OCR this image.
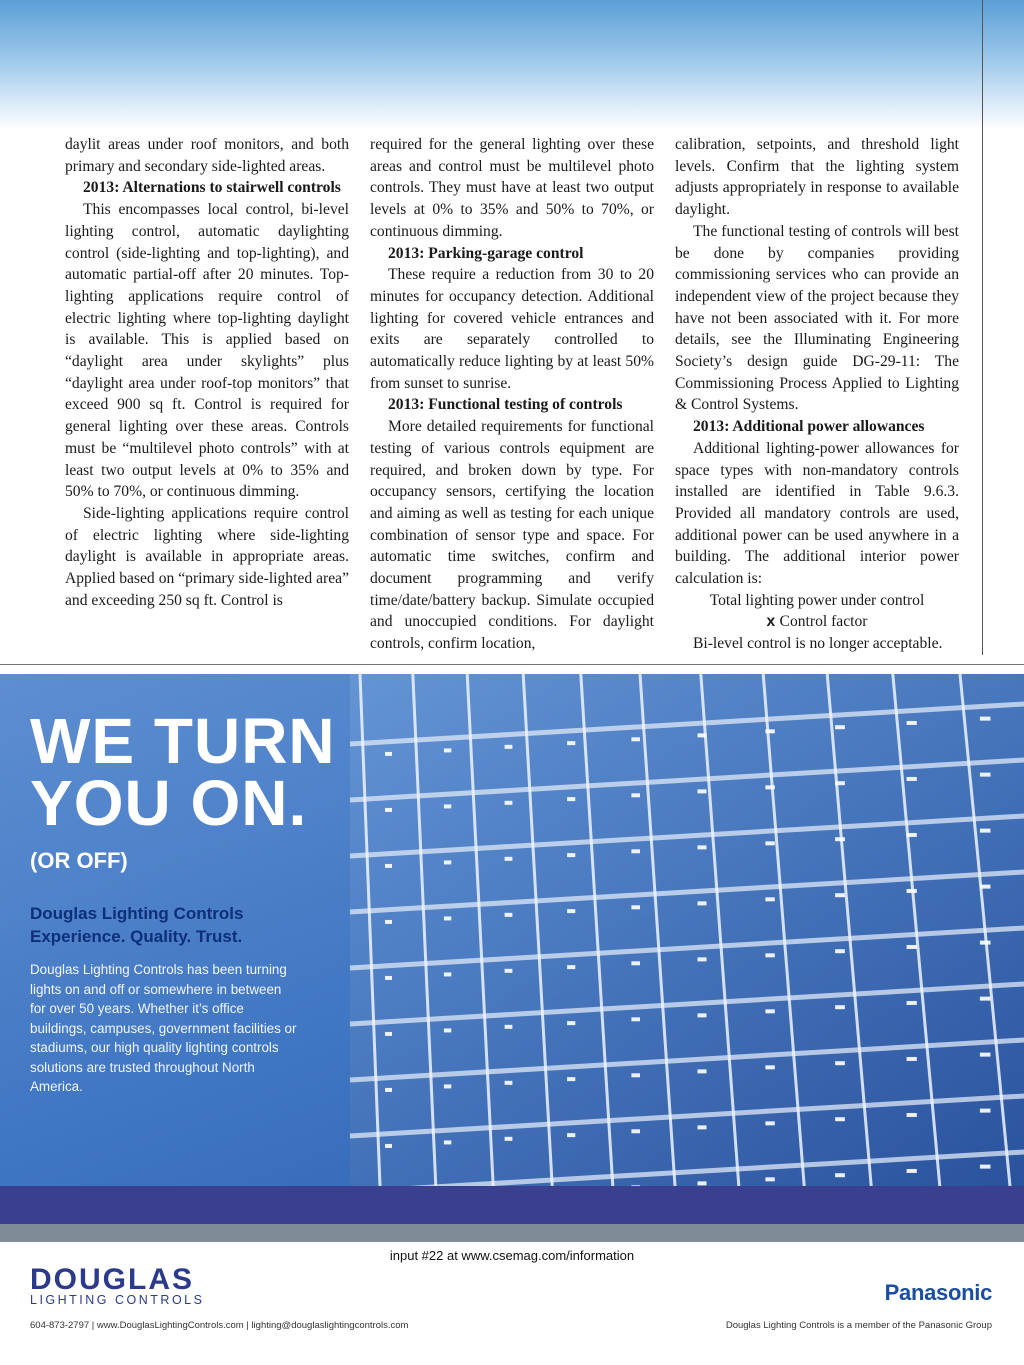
daylit areas under roof monitors, and both primary and secondary side-lighted areas.

2013: Alternations to stairwell controls

This encompasses local control, bi-level lighting control, automatic daylighting control (side-lighting and top-lighting), and automatic partial-off after 20 minutes. Top-lighting applications require control of electric lighting where top-lighting daylight is available. This is applied based on “daylight area under skylights” plus “daylight area under roof-top monitors” that exceed 900 sq ft. Control is required for general lighting over these areas. Controls must be “multilevel photo controls” with at least two output levels at 0% to 35% and 50% to 70%, or continuous dimming.

Side-lighting applications require control of electric lighting where side-lighting daylight is available in appropriate areas. Applied based on “primary side-lighted area” and exceeding 250 sq ft. Control is

required for the general lighting over these areas and control must be multilevel photo controls. They must have at least two output levels at 0% to 35% and 50% to 70%, or continuous dimming.

2013: Parking-garage control

These require a reduction from 30 to 20 minutes for occupancy detection. Additional lighting for covered vehicle entrances and exits are separately controlled to automatically reduce lighting by at least 50% from sunset to sunrise.

2013: Functional testing of controls

More detailed requirements for functional testing of various controls equipment are required, and broken down by type. For occupancy sensors, certifying the location and aiming as well as testing for each unique combination of sensor type and space. For automatic time switches, confirm and document programming and verify time/date/battery backup. Simulate occupied and unoccupied conditions. For daylight controls, confirm location,

calibration, setpoints, and threshold light levels. Confirm that the lighting system adjusts appropriately in response to available daylight.

The functional testing of controls will best be done by companies providing commissioning services who can provide an independent view of the project because they have not been associated with it. For more details, see the Illuminating Engineering Society’s design guide DG-29-11: The Commissioning Process Applied to Lighting & Control Systems.

2013: Additional power allowances

Additional lighting-power allowances for space types with non-mandatory controls installed are identified in Table 9.6.3. Provided all mandatory controls are used, additional power can be used anywhere in a building. The additional interior power calculation is:

Total lighting power under control

x Control factor

Bi-level control is no longer acceptable.

WE TURN
YOU ON.
(OR OFF)
Douglas Lighting Controls
Experience. Quality. Trust.
Douglas Lighting Controls has been turning lights on and off or somewhere in between for over 50 years. Whether it’s office buildings, campuses, government facilities or stadiums, our high quality lighting controls solutions are trusted throughout North America.
input #22 at www.csemag.com/information
DOUGLAS
LIGHTING CONTROLS	Panasonic
604-873-2797 | www.DouglasLightingControls.com | lighting@douglaslightingcontrols.com	Douglas Lighting Controls is a member of the Panasonic Group
